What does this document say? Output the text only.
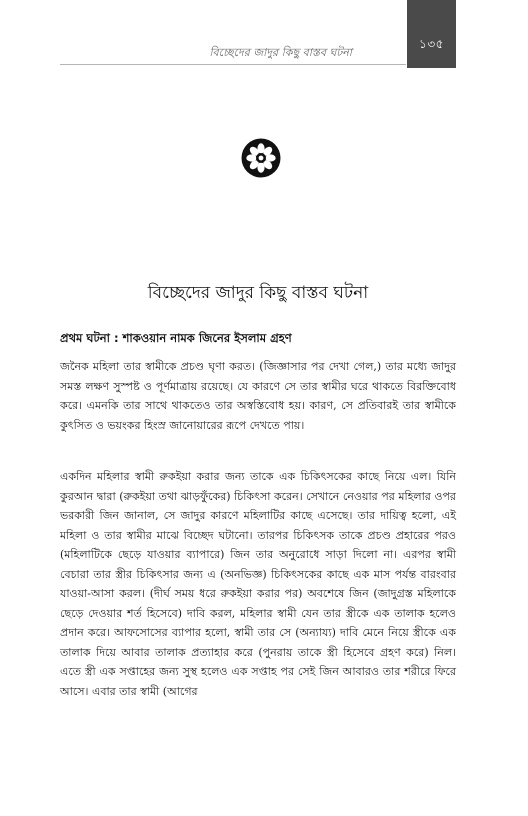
বিচ্ছেদের জাদুর কিছু বাস্তব ঘটনা
১৩৫
বিচ্ছেদের জাদুর কিছু বাস্তব ঘটনা
প্রথম ঘটনা : শাকওয়ান নামক জিনের ইসলাম গ্রহণ

জনৈক মহিলা তার স্বামীকে প্রচণ্ড ঘৃণা করত। (জিজ্ঞাসার পর দেখা গেল,) তার মধ্যে জাদুর সমস্ত লক্ষণ সুস্পষ্ট ও পূর্ণমাত্রায় রয়েছে। যে কারণে সে তার স্বামীর ঘরে থাকতে বিরক্তিবোধ করে। এমনকি তার সাথে থাকতেও তার অস্বস্তিবোধ হয়। কারণ, সে প্রতিবারই তার স্বামীকে কুৎসিত ও ভয়ংকর হিংস্র জানোয়ারের রূপে দেখতে পায়।

একদিন মহিলার স্বামী রুকইয়া করার জন্য তাকে এক চিকিৎসকের কাছে নিয়ে এল। যিনি কুরআন দ্বারা (রুকইয়া তথা ঝাড়ফুঁকের) চিকিৎসা করেন। সেখানে নেওয়ার পর মহিলার ওপর ভরকারী জিন জানাল, সে জাদুর কারণে মহিলাটির কাছে এসেছে। তার দায়িত্ব হলো, এই মহিলা ও তার স্বামীর মাঝে বিচ্ছেদ ঘটানো। তারপর চিকিৎসক তাকে প্রচণ্ড প্রহারের পরও (মহিলাটিকে ছেড়ে যাওয়ার ব্যাপারে) জিন তার অনুরোধে সাড়া দিলো না। এরপর স্বামী বেচারা তার স্ত্রীর চিকিৎসার জন্য এ (অনভিজ্ঞ) চিকিৎসকের কাছে এক মাস পর্যন্ত বারংবার যাওয়া-আসা করল। (দীর্ঘ সময় ধরে রুকইয়া করার পর) অবশেষে জিন (জাদুগ্রস্ত মহিলাকে ছেড়ে দেওয়ার শর্ত হিসেবে) দাবি করল, মহিলার স্বামী যেন তার স্ত্রীকে এক তালাক হলেও প্রদান করে। আফসোসের ব্যাপার হলো, স্বামী তার সে (অন্যায্য) দাবি মেনে নিয়ে স্ত্রীকে এক তালাক দিয়ে আবার তালাক প্রত্যাহার করে (পুনরায় তাকে স্ত্রী হিসেবে গ্রহণ করে) নিল। এতে স্ত্রী এক সপ্তাহের জন্য সুস্থ হলেও এক সপ্তাহ পর সেই জিন আবারও তার শরীরে ফিরে আসে। এবার তার স্বামী (আগের
